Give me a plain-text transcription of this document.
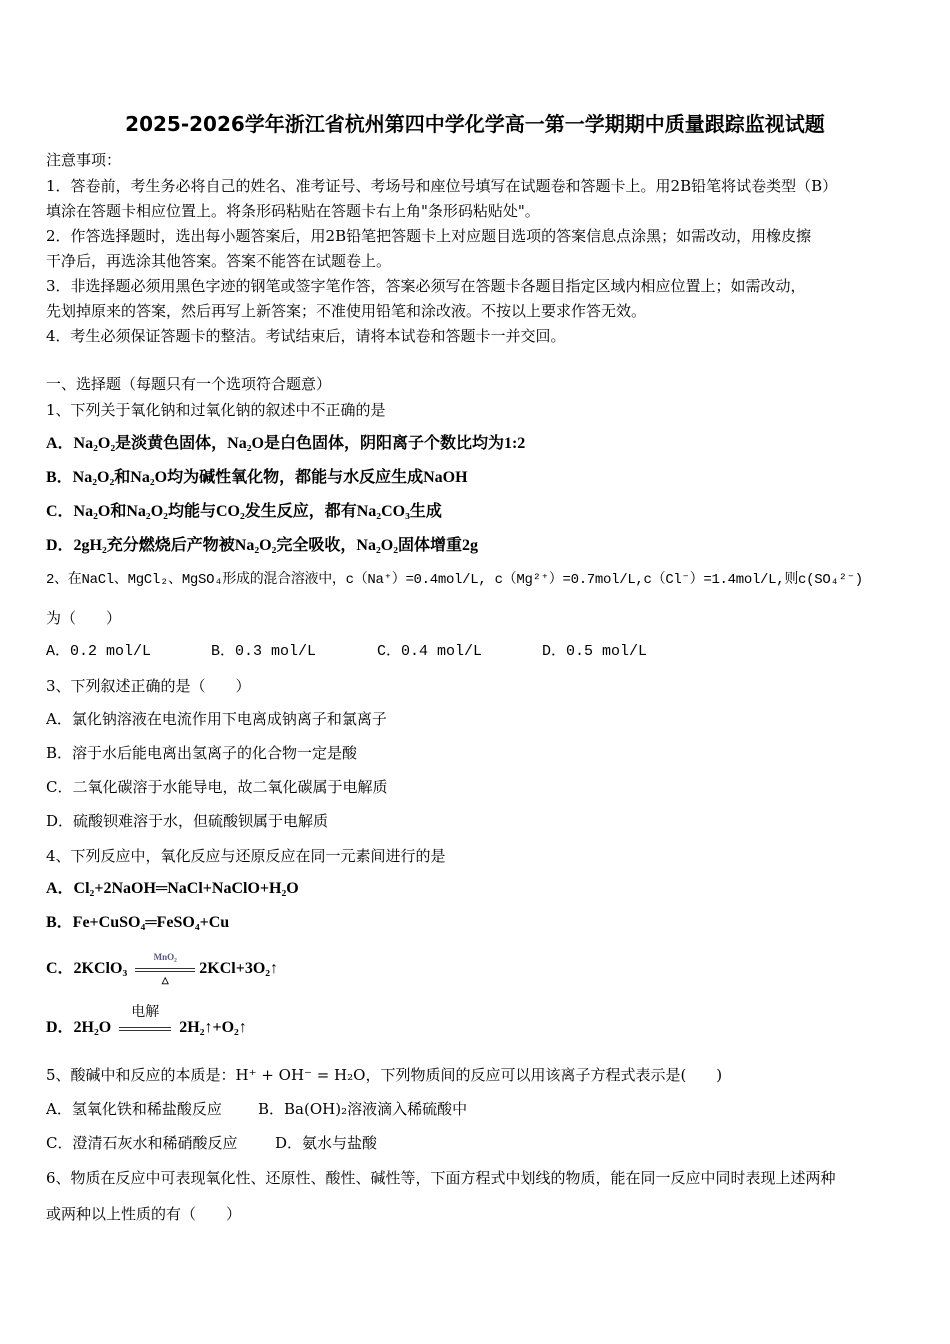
2025-2026学年浙江省杭州第四中学化学高一第一学期期中质量跟踪监视试题
注意事项：
1．答卷前，考生务必将自己的姓名、准考证号、考场号和座位号填写在试题卷和答题卡上。用2B铅笔将试卷类型（B）
填涂在答题卡相应位置上。将条形码粘贴在答题卡右上角"条形码粘贴处"。
2．作答选择题时，选出每小题答案后，用2B铅笔把答题卡上对应题目选项的答案信息点涂黑；如需改动，用橡皮擦
干净后，再选涂其他答案。答案不能答在试题卷上。
3．非选择题必须用黑色字迹的钢笔或签字笔作答，答案必须写在答题卡各题目指定区域内相应位置上；如需改动，
先划掉原来的答案，然后再写上新答案；不准使用铅笔和涂改液。不按以上要求作答无效。
4．考生必须保证答题卡的整洁。考试结束后，请将本试卷和答题卡一并交回。
一、选择题（每题只有一个选项符合题意）
1、下列关于氧化钠和过氧化钠的叙述中不正确的是
A．Na₂O₂是淡黄色固体，Na₂O是白色固体，阴阳离子个数比均为1:2
B．Na₂O₂和Na₂O均为碱性氧化物，都能与水反应生成NaOH
C．Na₂O和Na₂O₂均能与CO₂发生反应，都有Na₂CO₃生成
D．2gH₂充分燃烧后产物被Na₂O₂完全吸收，Na₂O₂固体增重2g
2、在NaCl、MgCl₂、MgSO₄形成的混合溶液中，c（Na⁺）=0.4mol/L, c（Mg²⁺）=0.7mol/L,c（Cl⁻）=1.4mol/L,则c(SO₄²⁻)
为（　　）
A．0.2 mol/L	B．0.3 mol/L	C．0.4 mol/L	D．0.5 mol/L
3、下列叙述正确的是（　　）
A．氯化钠溶液在电流作用下电离成钠离子和氯离子
B．溶于水后能电离出氢离子的化合物一定是酸
C．二氧化碳溶于水能导电，故二氧化碳属于电解质
D．硫酸钡难溶于水，但硫酸钡属于电解质
4、下列反应中，氧化反应与还原反应在同一元素间进行的是
A．Cl₂+2NaOH═NaCl+NaClO+H₂O
B．Fe+CuSO₄═FeSO₄+Cu
C．2KClO₃
MnO₂
△
2KCl+3O₂↑
D．2H₂O
电解
2H₂↑+O₂↑
5、酸碱中和反应的本质是：H⁺ + OH⁻ = H₂O，下列物质间的反应可以用该离子方程式表示是(　　)
A．氢氧化铁和稀盐酸反应 B．Ba(OH)₂溶液滴入稀硫酸中
C．澄清石灰水和稀硝酸反应	D．氨水与盐酸
6、物质在反应中可表现氧化性、还原性、酸性、碱性等，下面方程式中划线的物质，能在同一反应中同时表现上述两种
或两种以上性质的有（　　）
